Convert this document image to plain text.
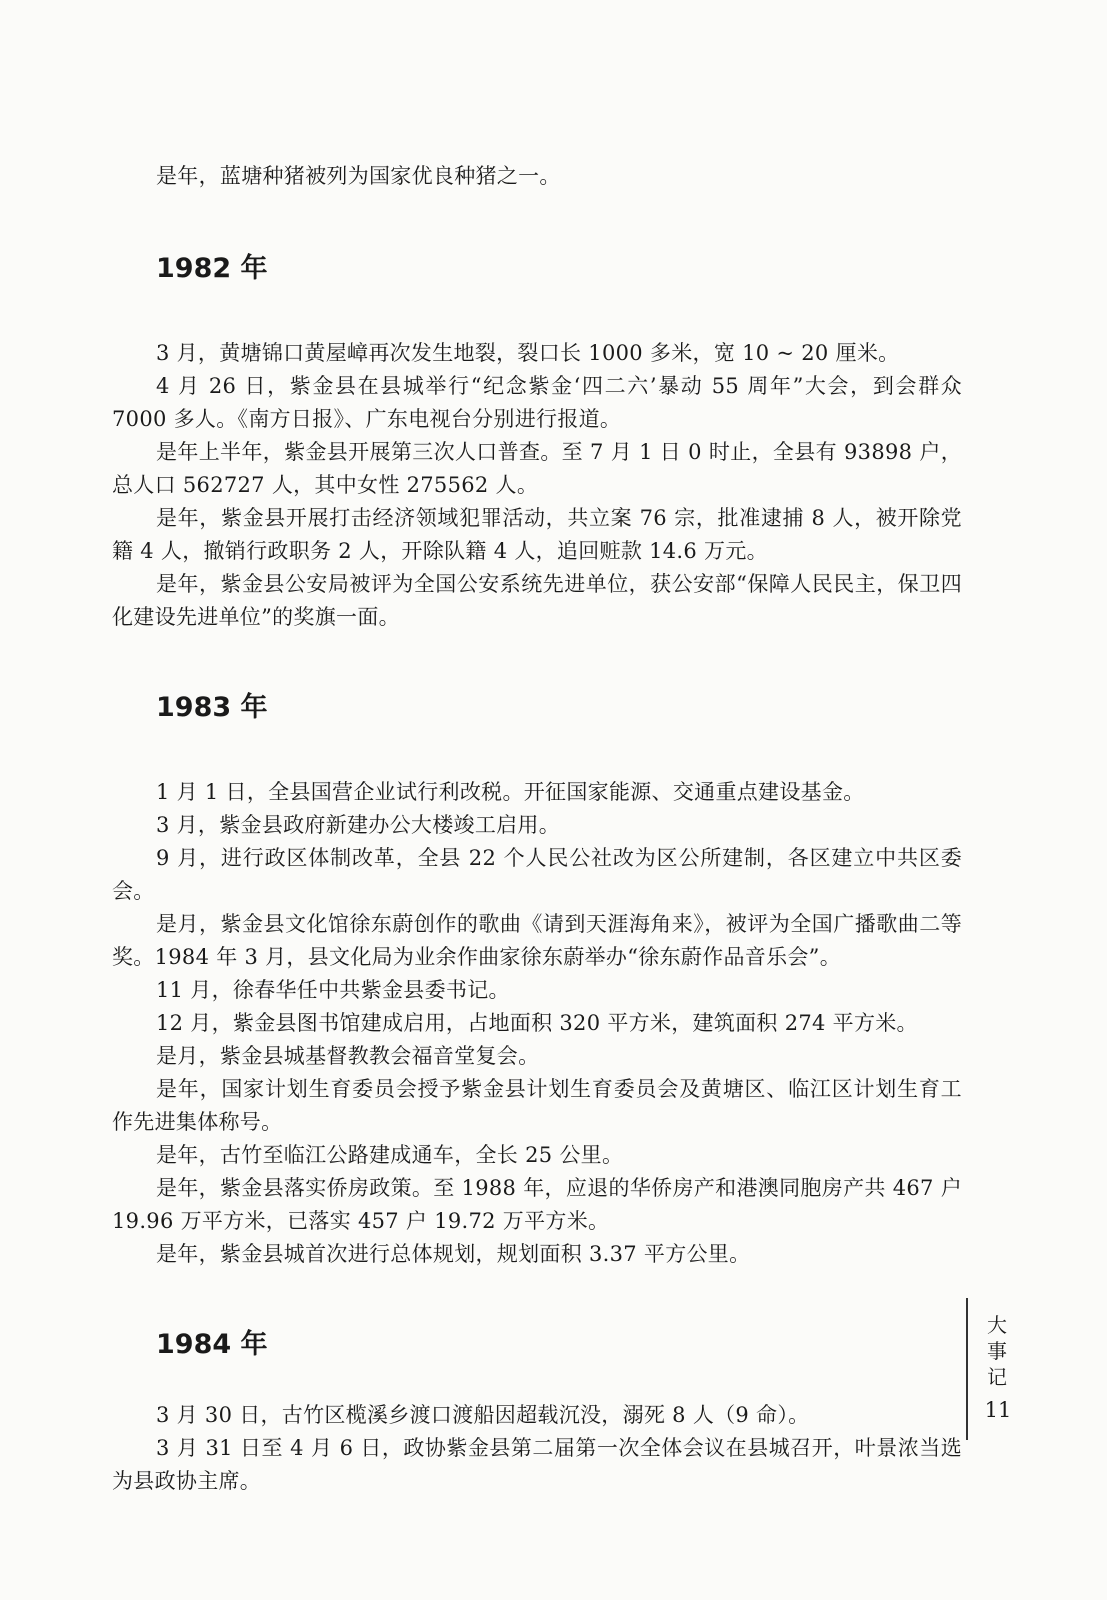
是年，蓝塘种猪被列为国家优良种猪之一。

1982 年

3 月，黄塘锦口黄屋嶂再次发生地裂，裂口长 1000 多米，宽 10 ~ 20 厘米。

4 月 26 日，紫金县在县城举行“纪念紫金‘四二六’暴动 55 周年”大会，到会群众 7000 多人。《南方日报》、广东电视台分别进行报道。

是年上半年，紫金县开展第三次人口普查。至 7 月 1 日 0 时止，全县有 93898 户，总人口 562727 人，其中女性 275562 人。

是年，紫金县开展打击经济领域犯罪活动，共立案 76 宗，批准逮捕 8 人，被开除党籍 4 人，撤销行政职务 2 人，开除队籍 4 人，追回赃款 14.6 万元。

是年，紫金县公安局被评为全国公安系统先进单位，获公安部“保障人民民主，保卫四化建设先进单位”的奖旗一面。

1983 年

1 月 1 日，全县国营企业试行利改税。开征国家能源、交通重点建设基金。

3 月，紫金县政府新建办公大楼竣工启用。

9 月，进行政区体制改革，全县 22 个人民公社改为区公所建制，各区建立中共区委会。

是月，紫金县文化馆徐东蔚创作的歌曲《请到天涯海角来》，被评为全国广播歌曲二等奖。1984 年 3 月，县文化局为业余作曲家徐东蔚举办“徐东蔚作品音乐会”。

11 月，徐春华任中共紫金县委书记。

12 月，紫金县图书馆建成启用，占地面积 320 平方米，建筑面积 274 平方米。

是月，紫金县城基督教教会福音堂复会。

是年，国家计划生育委员会授予紫金县计划生育委员会及黄塘区、临江区计划生育工作先进集体称号。

是年，古竹至临江公路建成通车，全长 25 公里。

是年，紫金县落实侨房政策。至 1988 年，应退的华侨房产和港澳同胞房产共 467 户 19.96 万平方米，已落实 457 户 19.72 万平方米。

是年，紫金县城首次进行总体规划，规划面积 3.37 平方公里。

1984 年

3 月 30 日，古竹区榄溪乡渡口渡船因超载沉没，溺死 8 人（9 命）。

3 月 31 日至 4 月 6 日，政协紫金县第二届第一次全体会议在县城召开，叶景浓当选为县政协主席。

大事记
11
